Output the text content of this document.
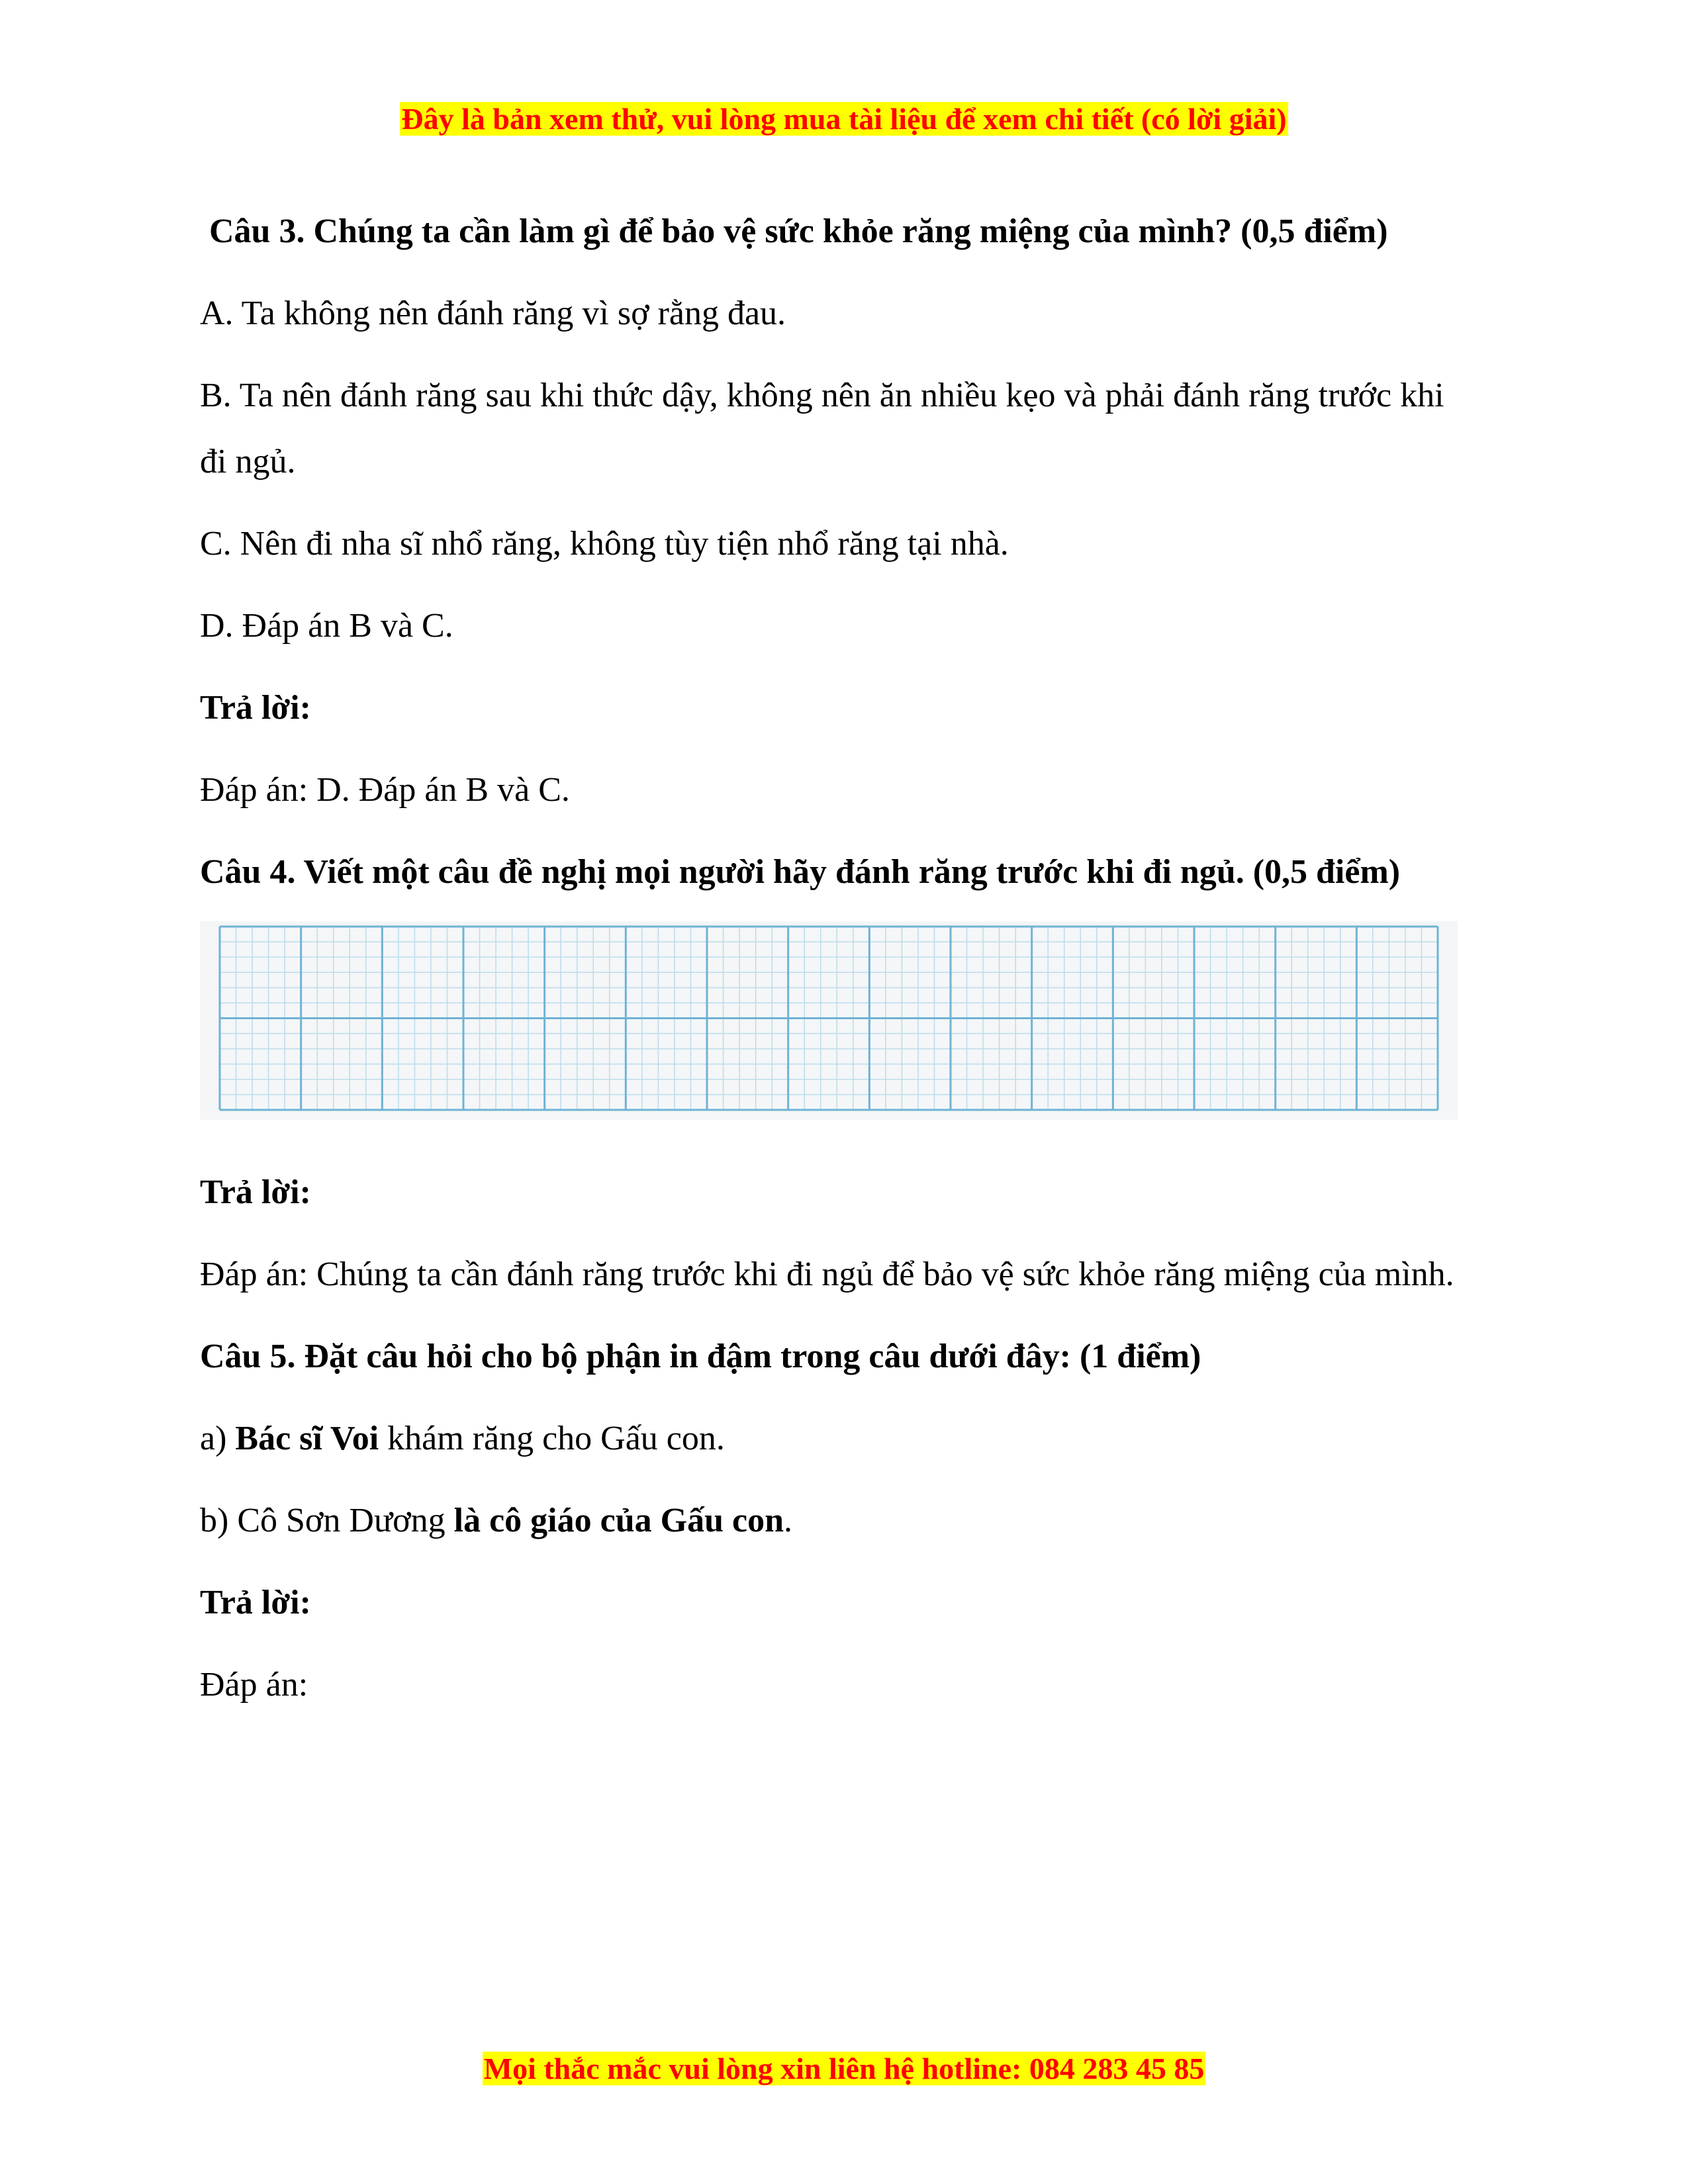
Đây là bản xem thử, vui lòng mua tài liệu để xem chi tiết (có lời giải)
Câu 3. Chúng ta cần làm gì để bảo vệ sức khỏe răng miệng của mình? (0,5 điểm)
A. Ta không nên đánh răng vì sợ rằng đau.
B. Ta nên đánh răng sau khi thức dậy, không nên ăn nhiều kẹo và phải đánh răng trước khi đi ngủ.
C. Nên đi nha sĩ nhổ răng, không tùy tiện nhổ răng tại nhà.
D. Đáp án B và C.
Trả lời:
Đáp án: D. Đáp án B và C.
Câu 4. Viết một câu đề nghị mọi người hãy đánh răng trước khi đi ngủ. (0,5 điểm)
Trả lời:
Đáp án: Chúng ta cần đánh răng trước khi đi ngủ để bảo vệ sức khỏe răng miệng của mình.
Câu 5. Đặt câu hỏi cho bộ phận in đậm trong câu dưới đây: (1 điểm)
a) Bác sĩ Voi khám răng cho Gấu con.
b) Cô Sơn Dương là cô giáo của Gấu con.
Trả lời:
Đáp án:
Mọi thắc mắc vui lòng xin liên hệ hotline: 084 283 45 85
